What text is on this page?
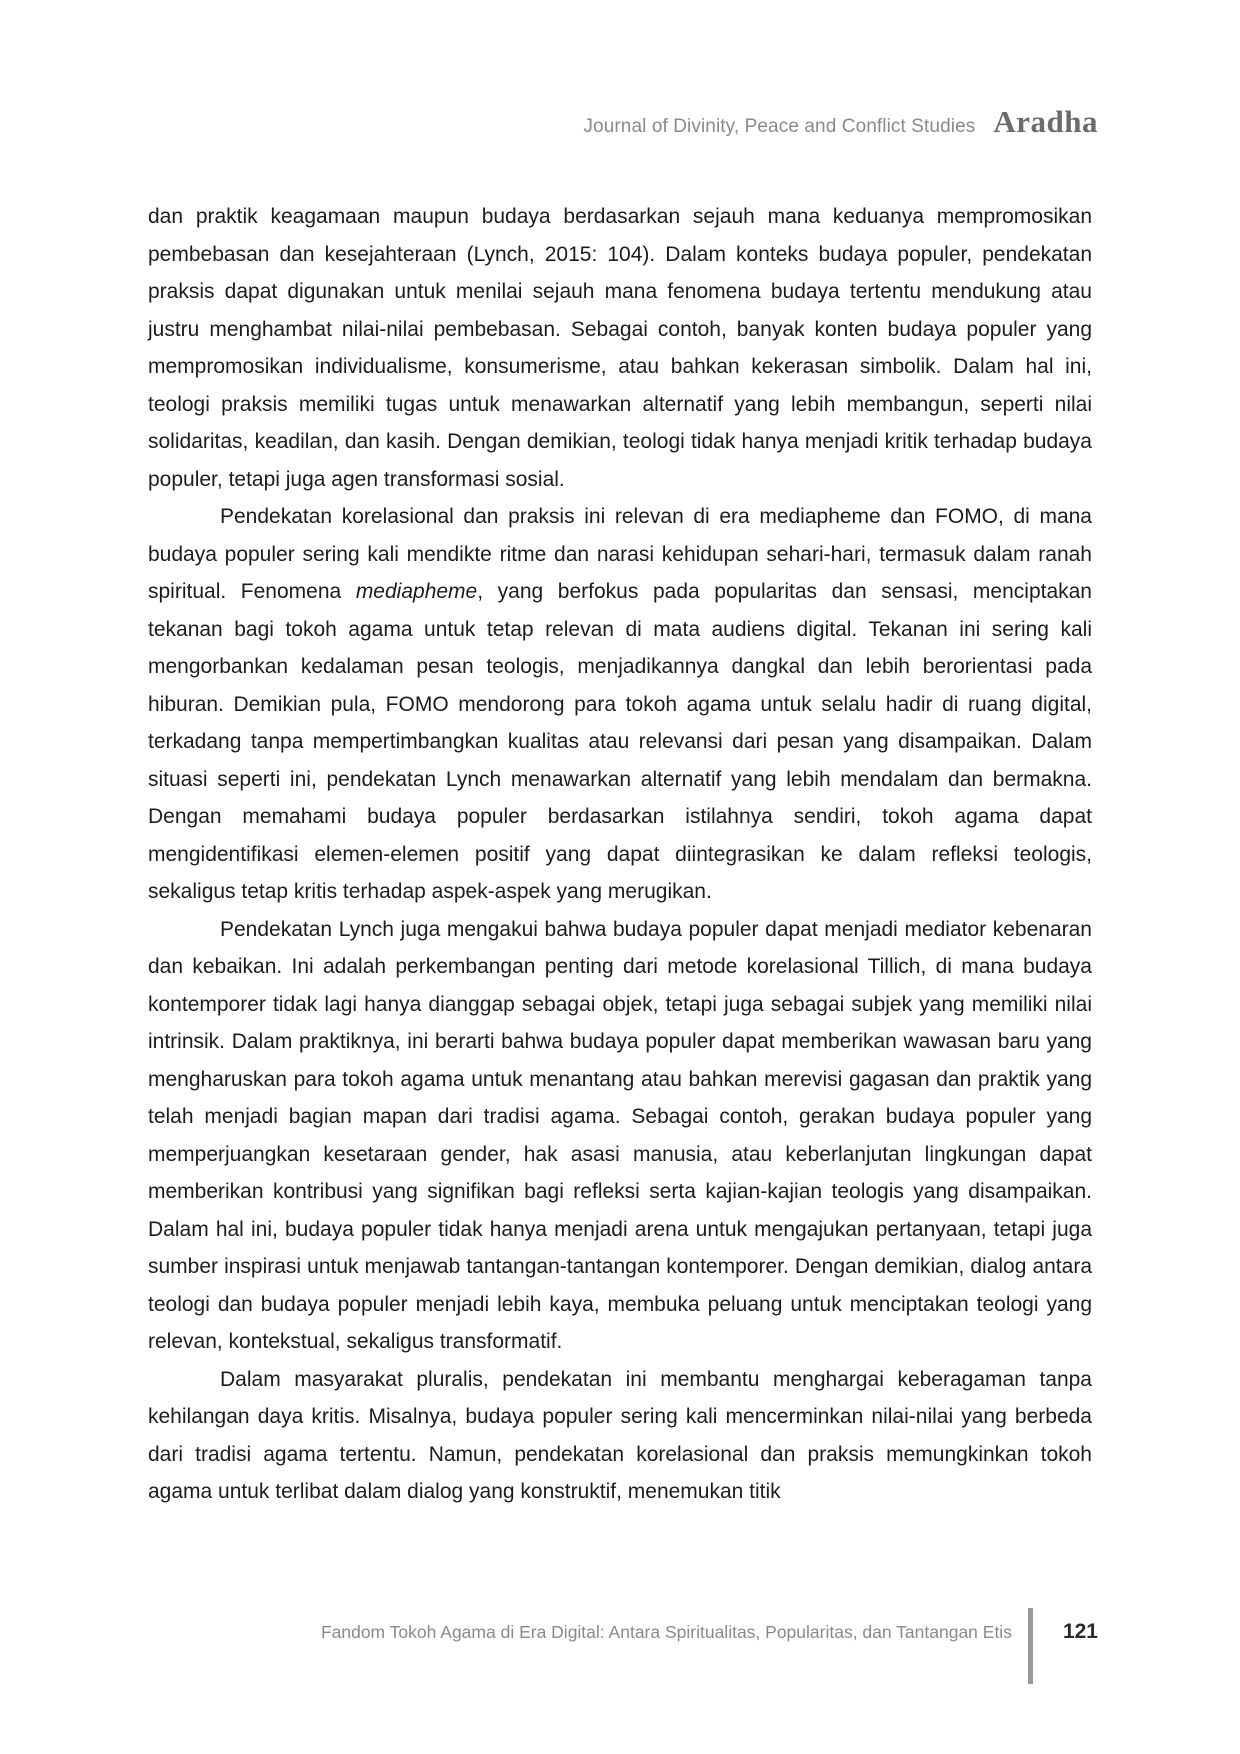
Journal of Divinity, Peace and Conflict Studies Aradha

dan praktik keagamaan maupun budaya berdasarkan sejauh mana keduanya mempromosikan pembebasan dan kesejahteraan (Lynch, 2015: 104). Dalam konteks budaya populer, pendekatan praksis dapat digunakan untuk menilai sejauh mana fenomena budaya tertentu mendukung atau justru menghambat nilai-nilai pembebasan. Sebagai contoh, banyak konten budaya populer yang mempromosikan individualisme, konsumerisme, atau bahkan kekerasan simbolik. Dalam hal ini, teologi praksis memiliki tugas untuk menawarkan alternatif yang lebih membangun, seperti nilai solidaritas, keadilan, dan kasih. Dengan demikian, teologi tidak hanya menjadi kritik terhadap budaya populer, tetapi juga agen transformasi sosial.

Pendekatan korelasional dan praksis ini relevan di era mediapheme dan FOMO, di mana budaya populer sering kali mendikte ritme dan narasi kehidupan sehari-hari, termasuk dalam ranah spiritual. Fenomena mediapheme, yang berfokus pada popularitas dan sensasi, menciptakan tekanan bagi tokoh agama untuk tetap relevan di mata audiens digital. Tekanan ini sering kali mengorbankan kedalaman pesan teologis, menjadikannya dangkal dan lebih berorientasi pada hiburan. Demikian pula, FOMO mendorong para tokoh agama untuk selalu hadir di ruang digital, terkadang tanpa mempertimbangkan kualitas atau relevansi dari pesan yang disampaikan. Dalam situasi seperti ini, pendekatan Lynch menawarkan alternatif yang lebih mendalam dan bermakna. Dengan memahami budaya populer berdasarkan istilahnya sendiri, tokoh agama dapat mengidentifikasi elemen-elemen positif yang dapat diintegrasikan ke dalam refleksi teologis, sekaligus tetap kritis terhadap aspek-aspek yang merugikan.

Pendekatan Lynch juga mengakui bahwa budaya populer dapat menjadi mediator kebenaran dan kebaikan. Ini adalah perkembangan penting dari metode korelasional Tillich, di mana budaya kontemporer tidak lagi hanya dianggap sebagai objek, tetapi juga sebagai subjek yang memiliki nilai intrinsik. Dalam praktiknya, ini berarti bahwa budaya populer dapat memberikan wawasan baru yang mengharuskan para tokoh agama untuk menantang atau bahkan merevisi gagasan dan praktik yang telah menjadi bagian mapan dari tradisi agama. Sebagai contoh, gerakan budaya populer yang memperjuangkan kesetaraan gender, hak asasi manusia, atau keberlanjutan lingkungan dapat memberikan kontribusi yang signifikan bagi refleksi serta kajian-kajian teologis yang disampaikan. Dalam hal ini, budaya populer tidak hanya menjadi arena untuk mengajukan pertanyaan, tetapi juga sumber inspirasi untuk menjawab tantangan-tantangan kontemporer. Dengan demikian, dialog antara teologi dan budaya populer menjadi lebih kaya, membuka peluang untuk menciptakan teologi yang relevan, kontekstual, sekaligus transformatif.

Dalam masyarakat pluralis, pendekatan ini membantu menghargai keberagaman tanpa kehilangan daya kritis. Misalnya, budaya populer sering kali mencerminkan nilai-nilai yang berbeda dari tradisi agama tertentu. Namun, pendekatan korelasional dan praksis memungkinkan tokoh agama untuk terlibat dalam dialog yang konstruktif, menemukan titik

Fandom Tokoh Agama di Era Digital: Antara Spiritualitas, Popularitas, dan Tantangan Etis	121
